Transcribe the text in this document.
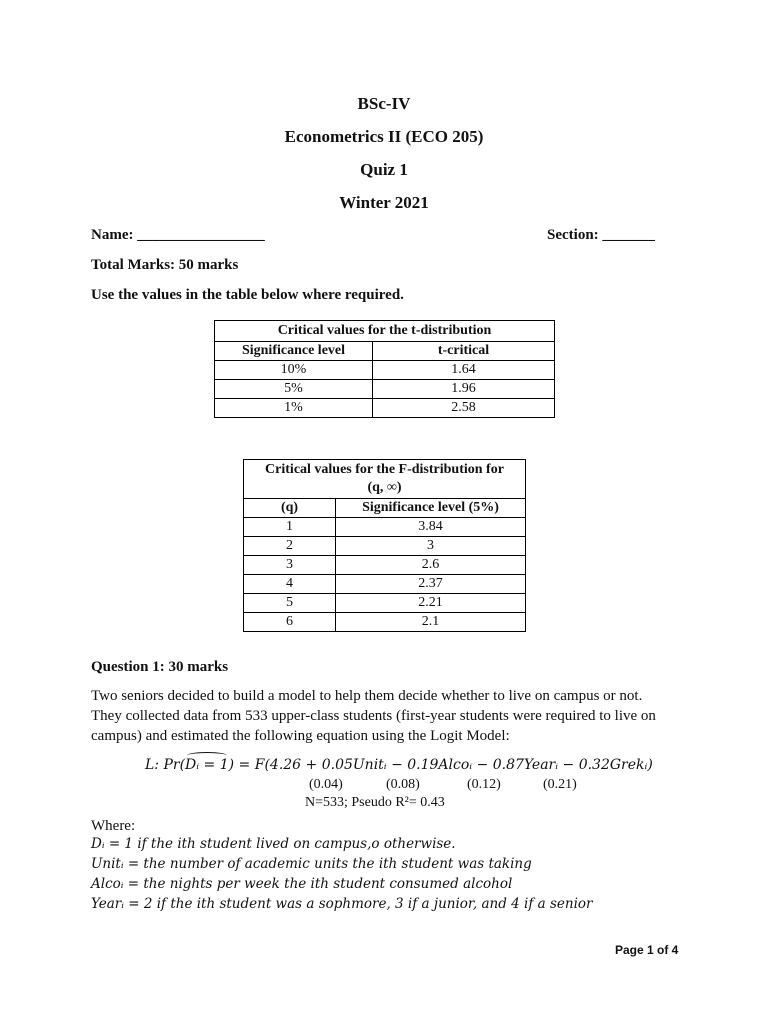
BSc-IV
Econometrics II (ECO 205)
Quiz 1
Winter 2021
Name: _________________	Section: _______
Total Marks: 50 marks
Use the values in the table below where required.
Critical values for the t-distribution	
Significance level	t-critical
10%	1.64
5%	1.96
1%	2.58
Critical values for the F-distribution for
(q, ∞)	
(q)	Significance level (5%)
1	3.84
2	3
3	2.6
4	2.37
5	2.21
6	2.1
Question 1: 30 marks
Two seniors decided to build a model to help them decide whether to live on campus or not.
They collected data from 533 upper-class students (first-year students were required to live on
campus) and estimated the following equation using the Logit Model:
L: Pr(Dᵢ = 1) = F(4.26 + 0.05Unitᵢ − 0.19Alcoᵢ − 0.87Yearᵢ − 0.32Grekᵢ)
(0.04)	(0.08)	(0.12)	(0.21)
N=533; Pseudo R²= 0.43
Where:
Dᵢ = 1 if the ith student lived on campus,o otherwise.
Unitᵢ = the number of academic units the ith student was taking
Alcoᵢ = the nights per week the ith student consumed alcohol
Yearᵢ = 2 if the ith student was a sophmore, 3 if a junior, and 4 if a senior
Page 1 of 4
